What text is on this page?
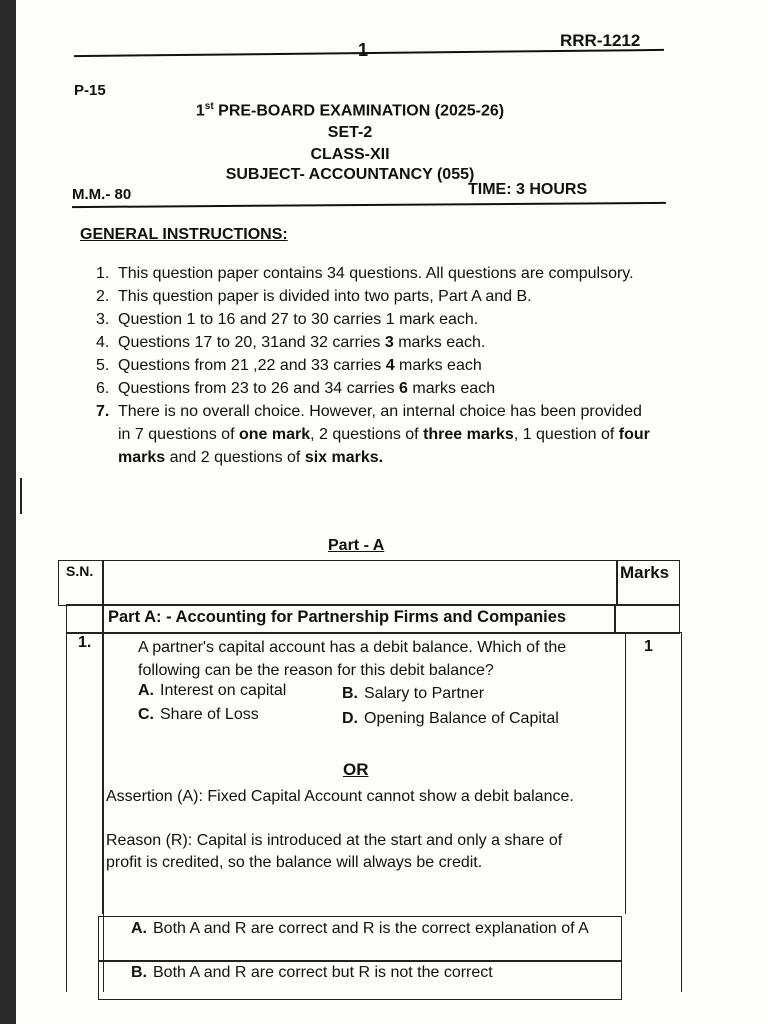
1	RRR-1212
P-15
1st PRE-BOARD EXAMINATION (2025-26)
SET-2
CLASS-XII
SUBJECT- ACCOUNTANCY (055)
M.M.- 80	TIME: 3 HOURS
GENERAL INSTRUCTIONS:
1. This question paper contains 34 questions. All questions are compulsory.
2. This question paper is divided into two parts, Part A and B.
3. Question 1 to 16 and 27 to 30 carries 1 mark each.
4. Questions 17 to 20, 31and 32 carries 3 marks each.
5. Questions from 21 ,22 and 33 carries 4 marks each
6. Questions from 23 to 26 and 34 carries 6 marks each
7. There is no overall choice. However, an internal choice has been provided in 7 questions of one mark, 2 questions of three marks, 1 question of four marks and 2 questions of six marks.
Part - A
S.N.	Marks
Part A: - Accounting for Partnership Firms and Companies
1.	1
A partner's capital account has a debit balance. Which of the following can be the reason for this debit balance?
A. Interest on capital	B. Salary to Partner
C. Share of Loss	D. Opening Balance of Capital
OR
Assertion (A): Fixed Capital Account cannot show a debit balance.
Reason (R): Capital is introduced at the start and only a share of profit is credited, so the balance will always be credit.
A. Both A and R are correct and R is the correct explanation of A
B. Both A and R are correct but R is not the correct
